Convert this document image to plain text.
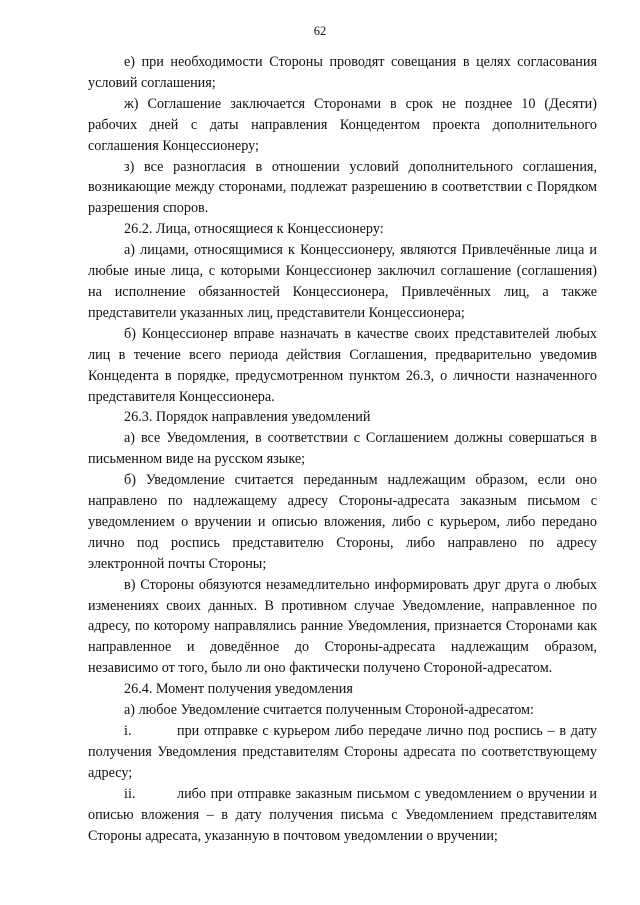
62

е) при необходимости Стороны проводят совещания в целях согласования условий соглашения;

ж) Соглашение заключается Сторонами в срок не позднее 10 (Десяти) рабочих дней с даты направления Концедентом проекта дополнительного соглашения Концессионеру;

з) все разногласия в отношении условий дополнительного соглашения, возникающие между сторонами, подлежат разрешению в соответствии с Порядком разрешения споров.

26.2. Лица, относящиеся к Концессионеру:

а) лицами, относящимися к Концессионеру, являются Привлечённые лица и любые иные лица, с которыми Концессионер заключил соглашение (соглашения) на исполнение обязанностей Концессионера, Привлечённых лиц, а также представители указанных лиц, представители Концессионера;

б) Концессионер вправе назначать в качестве своих представителей любых лиц в течение всего периода действия Соглашения, предварительно уведомив Концедента в порядке, предусмотренном пунктом 26.3, о личности назначенного представителя Концессионера.

26.3. Порядок направления уведомлений

а) все Уведомления, в соответствии с Соглашением должны совершаться в письменном виде на русском языке;

б) Уведомление считается переданным надлежащим образом, если оно направлено по надлежащему адресу Стороны-адресата заказным письмом с уведомлением о вручении и описью вложения, либо с курьером, либо передано лично под роспись представителю Стороны, либо направлено по адресу электронной почты Стороны;

в) Стороны обязуются незамедлительно информировать друг друга о любых изменениях своих данных. В противном случае Уведомление, направленное по адресу, по которому направлялись ранние Уведомления, признается Сторонами как направленное и доведённое до Стороны-адресата надлежащим образом, независимо от того, было ли оно фактически получено Стороной-адресатом.

26.4. Момент получения уведомления

а) любое Уведомление считается полученным Стороной-адресатом:

i.	при отправке с курьером либо передаче лично под роспись – в дату получения Уведомления представителям Стороны адресата по соответствующему адресу;

ii.	либо при отправке заказным письмом с уведомлением о вручении и описью вложения – в дату получения письма с Уведомлением представителям Стороны адресата, указанную в почтовом уведомлении о вручении;
